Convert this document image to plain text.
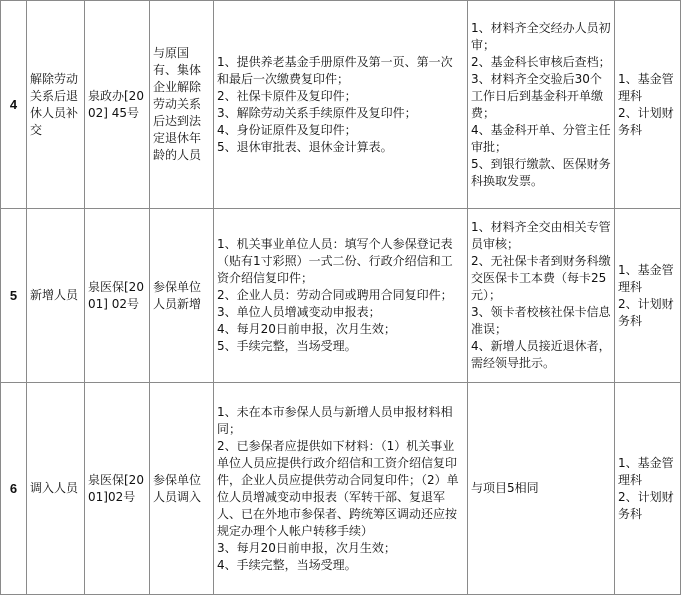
4	解除劳动关系后退休人员补交	泉政办[2002] 45号	与原国有、集体企业解除劳动关系后达到法定退休年龄的人员	1、提供养老基金手册原件及第一页、第一次和最后一次缴费复印件；
2、社保卡原件及复印件；
3、解除劳动关系手续原件及复印件；
4、身份证原件及复印件；
5、退休审批表、退休金计算表。	1、材料齐全交经办人员初审；
2、基金科长审核后查档；
3、材料齐全交验后30个工作日后到基金科开单缴费；
4、基金科开单、分管主任审批；
5、到银行缴款、医保财务科换取发票。	1、基金管理科
2、计划财务科

5	新增人员	泉医保[2001] 02号	参保单位人员新增	1、机关事业单位人员：填写个人参保登记表（贴有1寸彩照）一式二份、行政介绍信和工资介绍信复印件；
2、企业人员：劳动合同或聘用合同复印件；
3、单位人员增减变动申报表；
4、每月20日前申报，次月生效；
5、手续完整，当场受理。	1、材料齐全交由相关专管员审核；
2、无社保卡者到财务科缴交医保卡工本费（每卡25元）；
3、领卡者校核社保卡信息准误；
4、新增人员接近退休者，需经领导批示。	1、基金管理科
2、计划财务科

6	调入人员	泉医保[2001]02号	参保单位人员调入	1、未在本市参保人员与新增人员申报材料相同；
2、已参保者应提供如下材料：（1）机关事业单位人员应提供行政介绍信和工资介绍信复印件，企业人员应提供劳动合同复印件；（2）单位人员增减变动申报表（军转干部、复退军人、已在外地市参保者、跨统筹区调动还应按规定办理个人帐户转移手续）
3、每月20日前申报，次月生效；
4、手续完整，当场受理。	与项目5相同	1、基金管理科
2、计划财务科
